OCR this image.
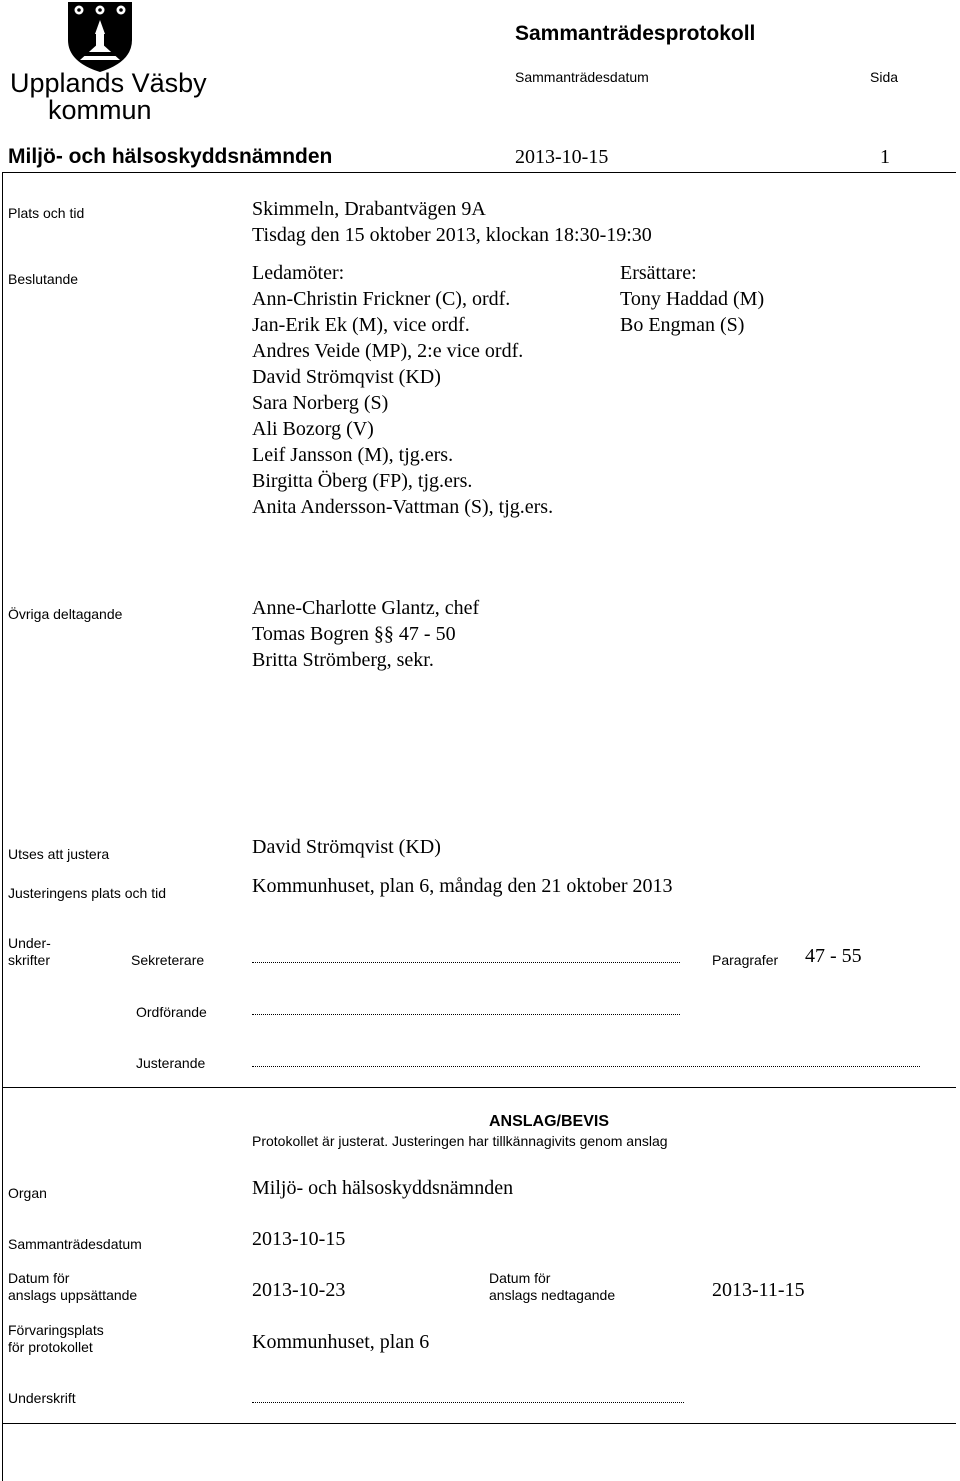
Upplands Väsby
kommun
Sammanträdesprotokoll
Sammanträdesdatum	Sida
Miljö- och hälsoskyddsnämnden	2013-10-15	1
Plats och tid	Skimmeln, Drabantvägen 9A
Tisdag den 15 oktober 2013, klockan 18:30-19:30
Beslutande	Ledamöter:
Ann-Christin Frickner (C), ordf.
Jan-Erik Ek (M), vice ordf.
Andres Veide (MP), 2:e vice ordf.
David Strömqvist (KD)
Sara Norberg (S)
Ali Bozorg (V)
Leif Jansson (M), tjg.ers.
Birgitta Öberg (FP), tjg.ers.
Anita Andersson-Vattman (S), tjg.ers.
Ersättare:
Tony Haddad (M)
Bo Engman (S)
Övriga deltagande	Anne-Charlotte Glantz, chef
Tomas Bogren §§ 47 - 50
Britta Strömberg, sekr.
Utses att justera	David Strömqvist (KD)
Justeringens plats och tid	Kommunhuset, plan 6, måndag den 21 oktober 2013
Under-
skrifter	Sekreterare	Paragrafer 47 - 55
Ordförande
Justerande
ANSLAG/BEVIS
Protokollet är justerat. Justeringen har tillkännagivits genom anslag
Organ	Miljö- och hälsoskyddsnämnden
Sammanträdesdatum	2013-10-15
Datum för
anslags uppsättande	2013-10-23
Datum för
anslags nedtagande	2013-11-15
Förvaringsplats
för protokollet	Kommunhuset, plan 6
Underskrift
